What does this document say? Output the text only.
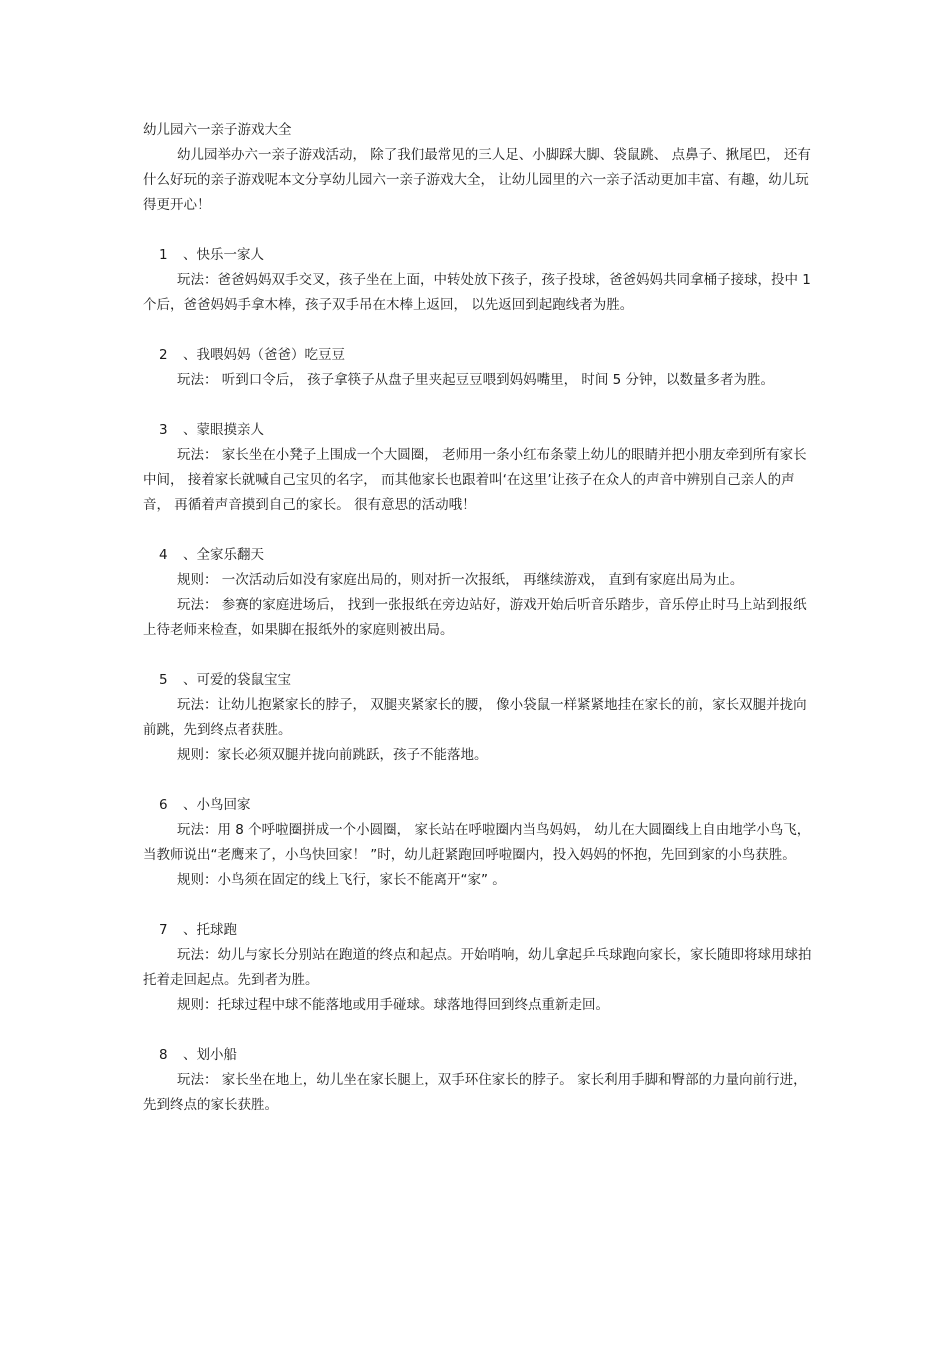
幼儿园六一亲子游戏大全

幼儿园举办六一亲子游戏活动， 除了我们最常见的三人足、小脚踩大脚、袋鼠跳、 点鼻子、揪尾巴， 还有什么好玩的亲子游戏呢本文分享幼儿园六一亲子游戏大全， 让幼儿园里的六一亲子活动更加丰富、有趣，幼儿玩得更开心！

1	、快乐一家人

玩法：爸爸妈妈双手交叉，孩子坐在上面，中转处放下孩子，孩子投球，爸爸妈妈共同拿桶子接球，投中 1 个后，爸爸妈妈手拿木棒，孩子双手吊在木棒上返回， 以先返回到起跑线者为胜。

2	、我喂妈妈（爸爸）吃豆豆

玩法： 听到口令后， 孩子拿筷子从盘子里夹起豆豆喂到妈妈嘴里， 时间 5 分钟，以数量多者为胜。

3	、蒙眼摸亲人

玩法： 家长坐在小凳子上围成一个大圆圈， 老师用一条小红布条蒙上幼儿的眼睛并把小朋友牵到所有家长中间， 接着家长就喊自己宝贝的名字， 而其他家长也跟着叫‘在这里’让孩子在众人的声音中辨别自己亲人的声音， 再循着声音摸到自己的家长。 很有意思的活动哦！

4	、全家乐翻天

规则： 一次活动后如没有家庭出局的，则对折一次报纸， 再继续游戏， 直到有家庭出局为止。

玩法： 参赛的家庭进场后， 找到一张报纸在旁边站好，游戏开始后听音乐踏步，音乐停止时马上站到报纸上待老师来检查，如果脚在报纸外的家庭则被出局。

5	、可爱的袋鼠宝宝

玩法：让幼儿抱紧家长的脖子， 双腿夹紧家长的腰， 像小袋鼠一样紧紧地挂在家长的前，家长双腿并拢向前跳，先到终点者获胜。

规则：家长必须双腿并拢向前跳跃，孩子不能落地。

6	、小鸟回家

玩法：用 8 个呼啦圈拼成一个小圆圈， 家长站在呼啦圈内当鸟妈妈， 幼儿在大圆圈线上自由地学小鸟飞，当教师说出“老鹰来了，小鸟快回家！ ”时，幼儿赶紧跑回呼啦圈内，投入妈妈的怀抱，先回到家的小鸟获胜。

规则：小鸟须在固定的线上飞行，家长不能离开“家” 。

7	、托球跑

玩法：幼儿与家长分别站在跑道的终点和起点。开始哨响，幼儿拿起乒乓球跑向家长，家长随即将球用球拍托着走回起点。先到者为胜。

规则：托球过程中球不能落地或用手碰球。球落地得回到终点重新走回。

8	、划小船

玩法： 家长坐在地上，幼儿坐在家长腿上，双手环住家长的脖子。 家长利用手脚和臀部的力量向前行进，先到终点的家长获胜。
